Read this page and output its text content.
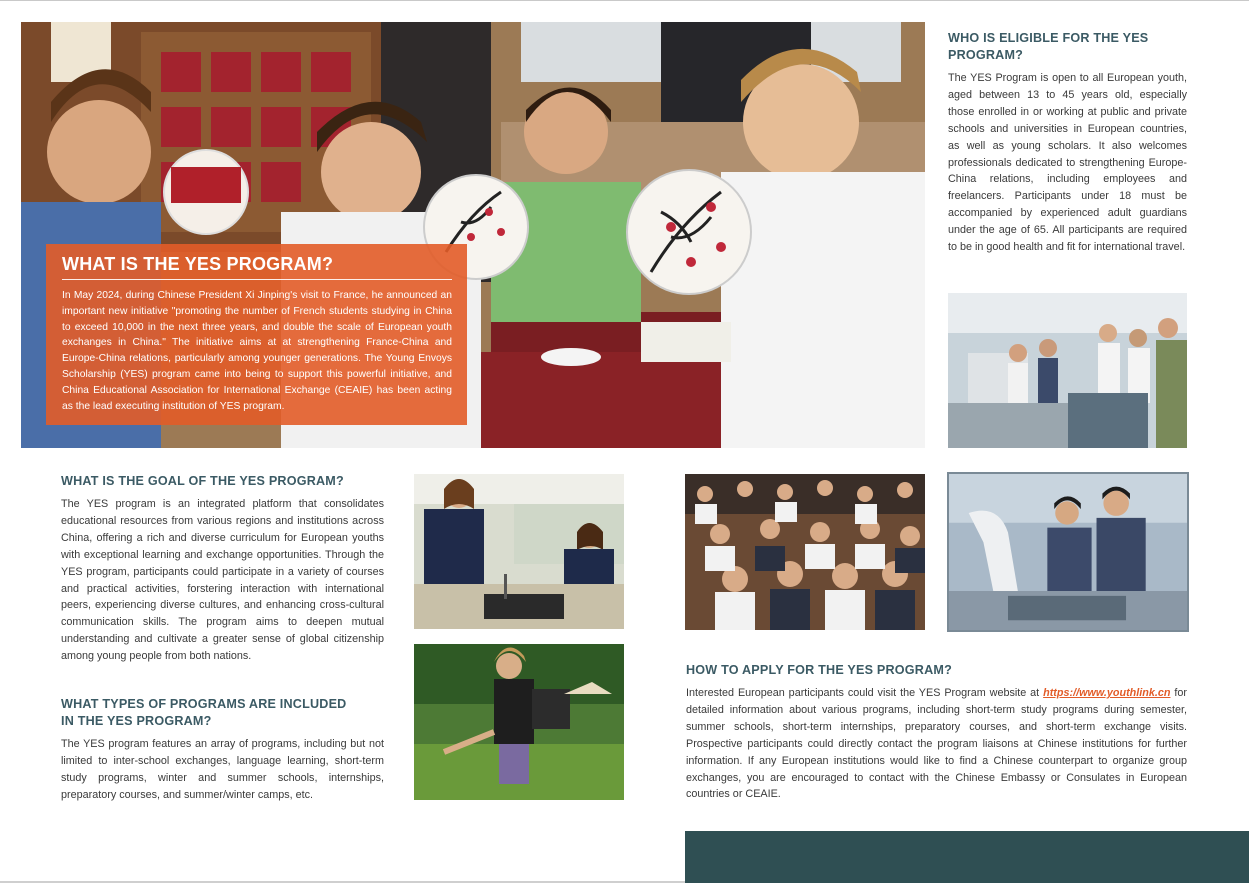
WHAT IS THE YES PROGRAM?

In May 2024, during Chinese President Xi Jinping's visit to France, he announced an important new initiative "promoting the number of French students studying in China to exceed 10,000 in the next three years, and double the scale of European youth exchanges in China." The initiative aims at at strengthening France-China and Europe-China relations, particularly among younger generations. The Young Envoys Scholarship (YES) program came into being to support this powerful initiative, and China Educational Association for International Exchange (CEAIE) has been acting as the lead executing institution of YES program.

WHO IS ELIGIBLE FOR THE YES PROGRAM?

The YES Program is open to all European youth, aged between 13 to 45 years old, especially those enrolled in or working at public and private schools and universities in European countries, as well as young scholars. It also welcomes professionals dedicated to strengthening Europe-China relations, including employees and freelancers. Participants under 18 must be accompanied by experienced adult guardians under the age of 65. All participants are required to be in good health and fit for international travel.

WHAT IS THE GOAL OF THE YES PROGRAM?

The YES program is an integrated platform that consolidates educational resources from various regions and institutions across China, offering a rich and diverse curriculum for European youths with exceptional learning and exchange opportunities. Through the YES program, participants could participate in a variety of courses and practical activities, forstering interaction with international peers, experiencing diverse cultures, and enhancing cross-cultural communication skills. The program aims to deepen mutual understanding and cultivate a greater sense of global citizenship among young people from both nations.

WHAT TYPES OF PROGRAMS ARE INCLUDED
IN THE YES PROGRAM?

The YES program features an array of programs, including but not limited to inter-school exchanges, language learning, short-term study programs, winter and summer schools, internships, preparatory courses, and summer/winter camps, etc.

HOW TO APPLY FOR THE YES PROGRAM?

Interested European participants could visit the YES Program website at https://www.youthlink.cn for detailed information about various programs, including short-term study programs during semester, summer schools, short-term internships, preparatory courses, and short-term exchange visits. Prospective participants could directly contact the program liaisons at Chinese institutions for further information. If any European institutions would like to find a Chinese counterpart to organize group exchanges, you are encouraged to contact with the Chinese Embassy or Consulates in European countries or CEAIE.
